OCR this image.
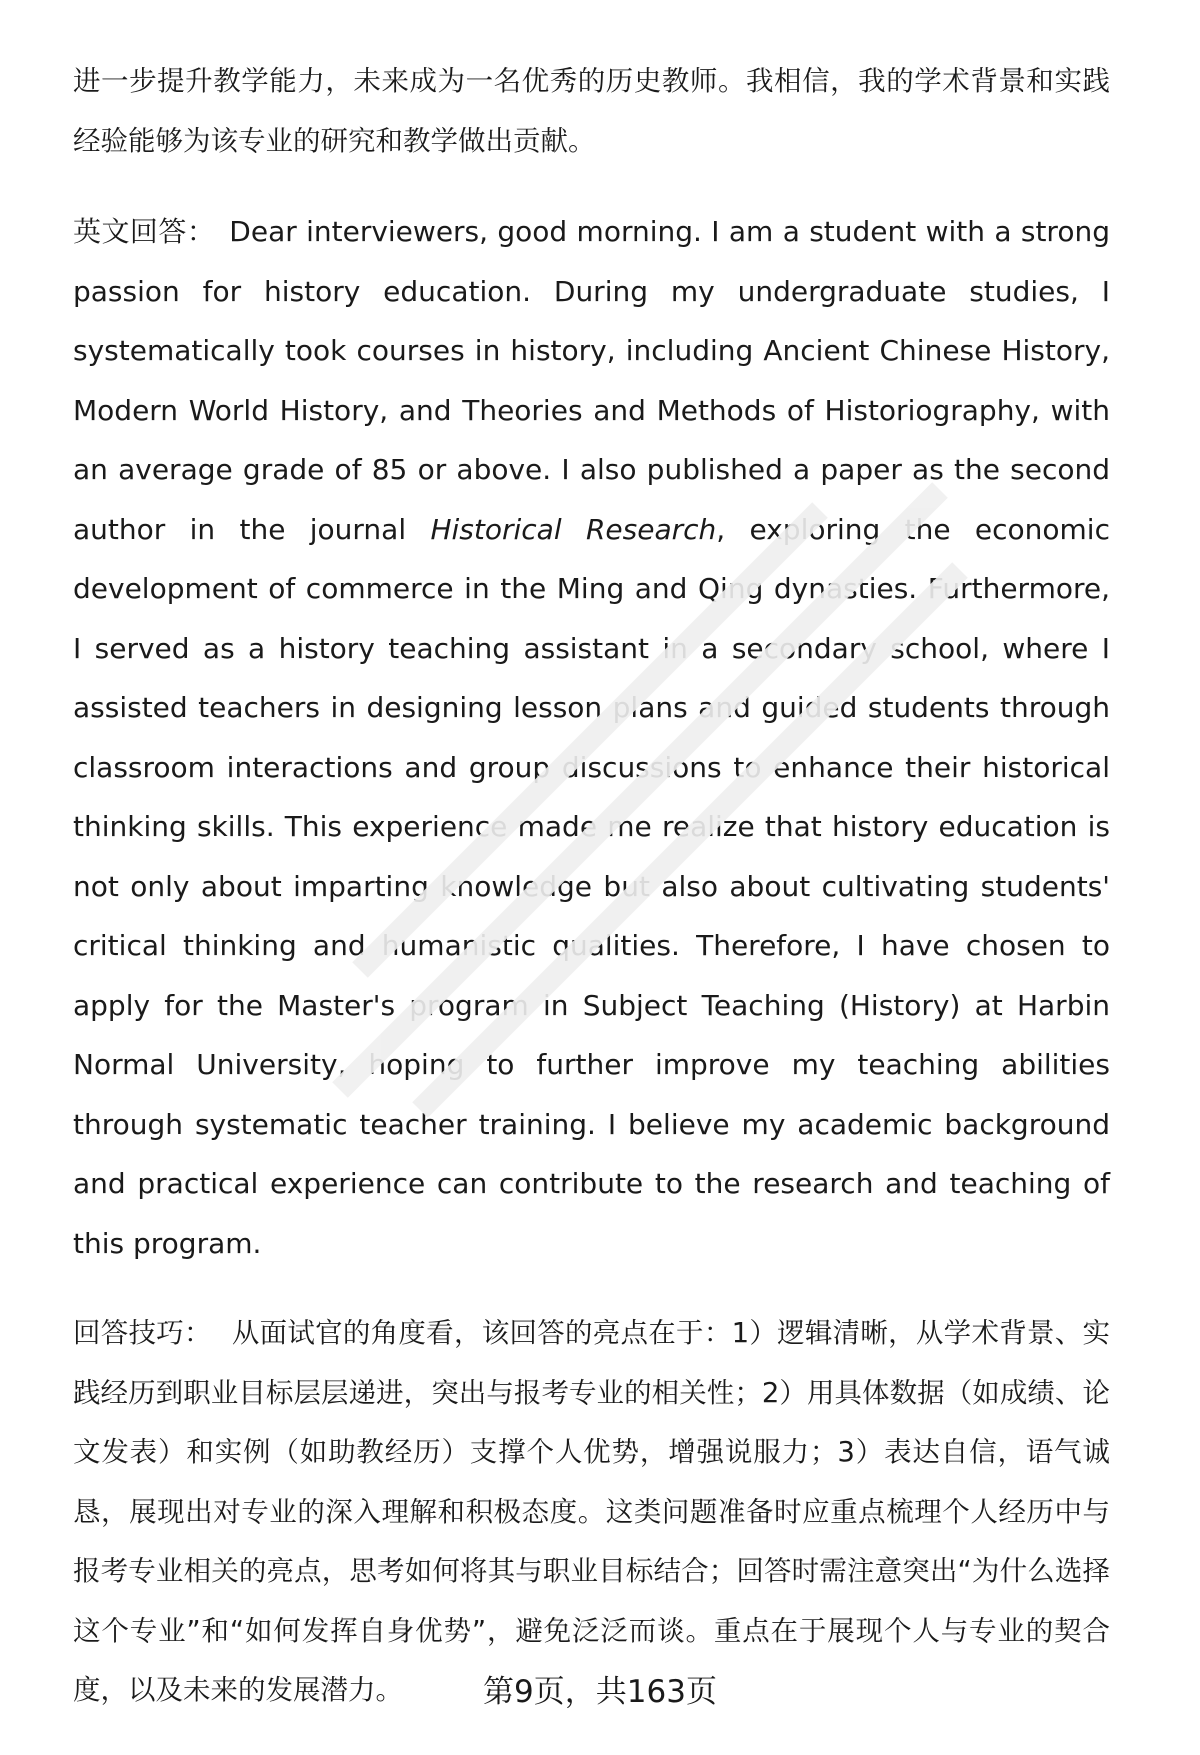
进一步提升教学能力，未来成为一名优秀的历史教师。我相信，我的学术背景和实践经验能够为该专业的研究和教学做出贡献。

英文回答： Dear interviewers, good morning. I am a student with a strong passion for history education. During my undergraduate studies, I systematically took courses in history, including Ancient Chinese History, Modern World History, and Theories and Methods of Historiography, with an average grade of 85 or above. I also published a paper as the second author in the journal Historical Research, exploring the economic development of commerce in the Ming and Qing dynasties. Furthermore, I served as a history teaching assistant in a secondary school, where I assisted teachers in designing lesson plans and guided students through classroom interactions and group discussions to enhance their historical thinking skills. This experience made me realize that history education is not only about imparting knowledge but also about cultivating students' critical thinking and humanistic qualities. Therefore, I have chosen to apply for the Master's program in Subject Teaching (History) at Harbin Normal University, hoping to further improve my teaching abilities through systematic teacher training. I believe my academic background and practical experience can contribute to the research and teaching of this program.

回答技巧： 从面试官的角度看，该回答的亮点在于：1）逻辑清晰，从学术背景、实践经历到职业目标层层递进，突出与报考专业的相关性；2）用具体数据（如成绩、论文发表）和实例（如助教经历）支撑个人优势，增强说服力；3）表达自信，语气诚恳，展现出对专业的深入理解和积极态度。这类问题准备时应重点梳理个人经历中与报考专业相关的亮点，思考如何将其与职业目标结合；回答时需注意突出“为什么选择这个专业”和“如何发挥自身优势”，避免泛泛而谈。重点在于展现个人与专业的契合度，以及未来的发展潜力。	第9页，共163页
